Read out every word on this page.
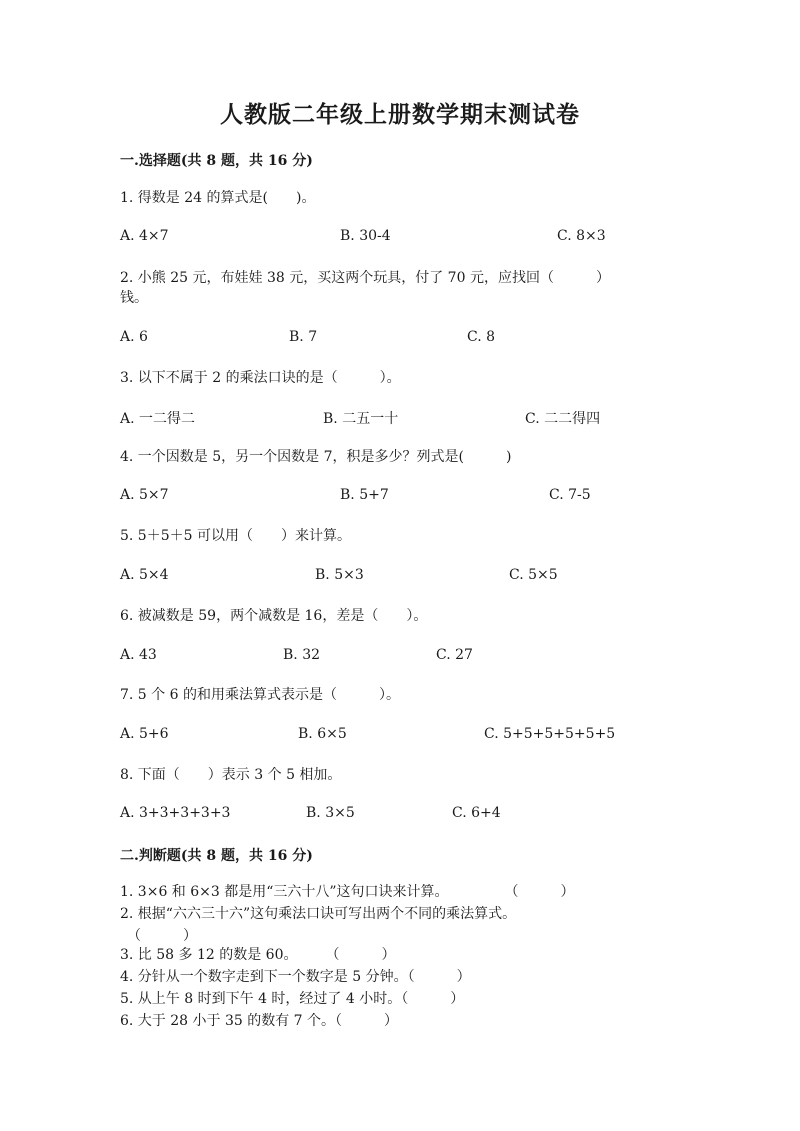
人教版二年级上册数学期末测试卷
一.选择题(共 8 题，共 16 分)
1. 得数是 24 的算式是(　　)。
A. 4×7	B. 30-4	C. 8×3
2. 小熊 25 元，布娃娃 38 元，买这两个玩具，付了 70 元，应找回（　　　）
钱。
A. 6	B. 7	C. 8
3. 以下不属于 2 的乘法口诀的是（　　　）。
A. 一二得二	B. 二五一十	C. 二二得四
4. 一个因数是 5，另一个因数是 7，积是多少？列式是(　　　)
A. 5×7	B. 5+7	C. 7-5
5. 5＋5＋5 可以用（　　）来计算。
A. 5×4	B. 5×3	C. 5×5
6. 被减数是 59，两个减数是 16，差是（　　）。
A. 43	B. 32	C. 27
7. 5 个 6 的和用乘法算式表示是（　　　）。
A. 5+6	B. 6×5	C. 5+5+5+5+5+5
8. 下面（　　）表示 3 个 5 相加。
A. 3+3+3+3+3	B. 3×5	C. 6+4
二.判断题(共 8 题，共 16 分)
1. 3×6 和 6×3 都是用“三六十八”这句口诀来计算。　　　　　（　　　）
2. 根据“六六三十六”这句乘法口诀可写出两个不同的乘法算式。
　（　　　）
3. 比 58 多 12 的数是 60。　　　（　　　）
4. 分针从一个数字走到下一个数字是 5 分钟。（　　　）
5. 从上午 8 时到下午 4 时，经过了 4 小时。（　　　）
6. 大于 28 小于 35 的数有 7 个。（　　　）
